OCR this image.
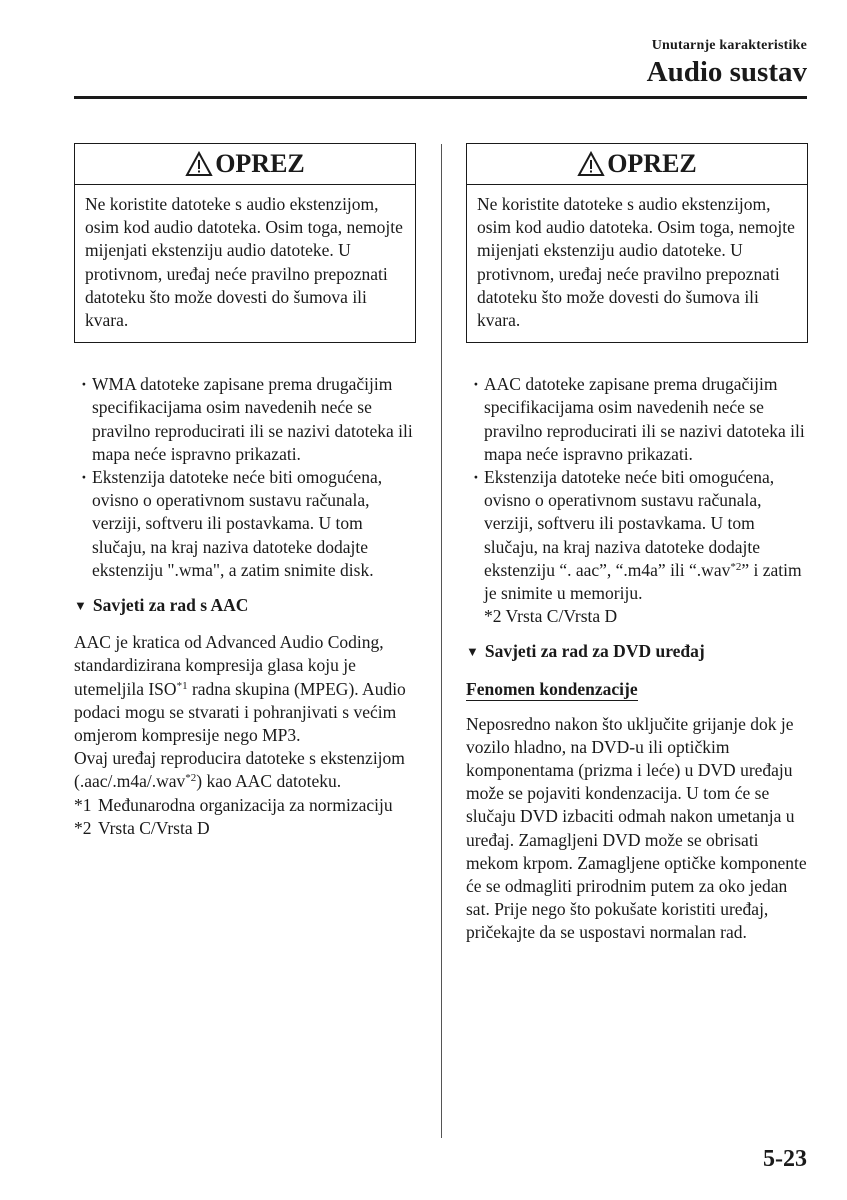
Unutarnje karakteristike
Audio sustav
OPREZ
Ne koristite datoteke s audio ekstenzijom, osim kod audio datoteka. Osim toga, nemojte mijenjati ekstenziju audio datoteke. U protivnom, uređaj neće pravilno prepoznati datoteku što može dovesti do šumova ili kvara.
· WMA datoteke zapisane prema drugačijim specifikacijama osim navedenih neće se pravilno reproducirati ili se nazivi datoteka ili mapa neće ispravno prikazati.
· Ekstenzija datoteke neće biti omogućena, ovisno o operativnom sustavu računala, verziji, softveru ili postavkama. U tom slučaju, na kraj naziva datoteke dodajte ekstenziju ".wma", a zatim snimite disk.
▼ Savjeti za rad s AAC

AAC je kratica od Advanced Audio Coding, standardizirana kompresija glasa koju je utemeljila ISO$^{*1}$ radna skupina (MPEG). Audio podaci mogu se stvarati i pohranjivati s većim omjerom kompresije nego MP3.

Ovaj uređaj reproducira datoteke s ekstenzijom (.aac/.m4a/.wav$^{*2}$) kao AAC datoteku.

*1 Međunarodna organizacija za normizaciju
*2 Vrsta C/Vrsta D
OPREZ
Ne koristite datoteke s audio ekstenzijom, osim kod audio datoteka. Osim toga, nemojte mijenjati ekstenziju audio datoteke. U protivnom, uređaj neće pravilno prepoznati datoteku što može dovesti do šumova ili kvara.
· AAC datoteke zapisane prema drugačijim specifikacijama osim navedenih neće se pravilno reproducirati ili se nazivi datoteka ili mapa neće ispravno prikazati.
· Ekstenzija datoteke neće biti omogućena, ovisno o operativnom sustavu računala, verziji, softveru ili postavkama. U tom slučaju, na kraj naziva datoteke dodajte ekstenziju “. aac”, “.m4a” ili “.wav$^{*2}$” i zatim je snimite u memoriju.
*2 Vrsta C/Vrsta D
▼ Savjeti za rad za DVD uređaj
Fenomen kondenzacije

Neposredno nakon što uključite grijanje dok je vozilo hladno, na DVD-u ili optičkim komponentama (prizma i leće) u DVD uređaju može se pojaviti kondenzacija. U tom će se slučaju DVD izbaciti odmah nakon umetanja u uređaj. Zamagljeni DVD može se obrisati mekom krpom. Zamagljene optičke komponente će se odmagliti prirodnim putem za oko jedan sat. Prije nego što pokušate koristiti uređaj, pričekajte da se uspostavi normalan rad.

5-23
